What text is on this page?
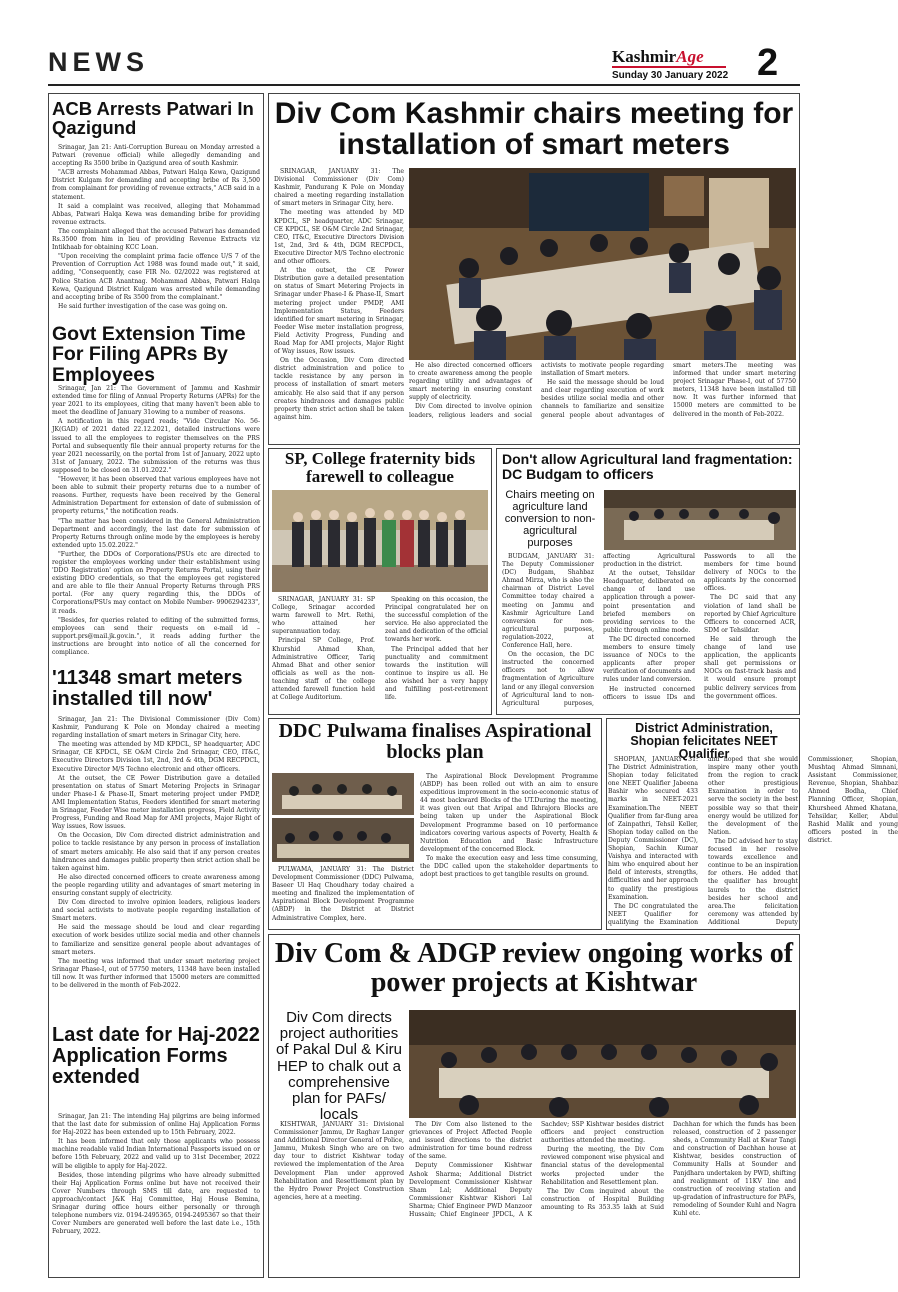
NEWS	KashmirAge
Sunday 30 January 2022 2
ACB Arrests Patwari In Qazigund

Srinagar, Jan 21: Anti-Corruption Bureau on Monday arrested a Patwari (revenue official) while allegedly demanding and accepting Rs 3500 bribe in Qazigund area of south Kashmir.

"ACB arrests Mohammad Abbas, Patwari Halqa Kewa, Qazigund District Kulgam for demanding and accepting bribe of Rs 3,500 from complainant for providing of revenue extracts," ACB said in a statement.

It said a complaint was received, alleging that Mohammad Abbas, Patwari Halqa Kewa was demanding bribe for providing revenue extracts.

The complainant alleged that the accused Patwari has demanded Rs.3500 from him in lieu of providing Revenue Extracts viz Intikhaab for obtaining KCC Loan.

"Upon receiving the complaint prima facie offence U/S 7 of the Prevention of Corruption Act 1988 was found made out," it said, adding, "Consequently, case FIR No. 02/2022 was registered at Police Station ACB Anantnag. Mohammad Abbas, Patwari Halqa Kewa, Qazigund District Kulgam was arrested while demanding and accepting bribe of Rs 3500 from the complainant."

He said further investigation of the case was going on.

Govt Extension Time For Filing APRs By Employees

Srinagar, Jan 21: The Government of Jammu and Kashmir extended time for filing of Annual Property Returns (APRs) for the year 2021 to its employees, citing that many haven't been able to meet the deadline of January 31owing to a number of reasons.

A notification in this regard reads; "Vide Circular No. 56-JK(GAD) of 2021 dated 22.12.2021, detailed instructions were issued to all the employees to register themselves on the PRS Portal and subsequently file their annual property returns for the year 2021 necessarily, on the portal from 1st of January, 2022 upto 31st of January, 2022. The submission of the returns was thus supposed to be closed on 31.01.2022."

"However, it has been observed that various employees have not been able to submit their property returns due to a number of reasons. Further, requests have been received by the General Administration Department for extension of date of submission of property returns," the notification reads.

"The matter has been considered in the General Administration Department and accordingly, the last date for submission of Property Returns through online mode by the employees is hereby extended upto 15.02.2022."

"Further, the DDOs of Corporations/PSUs etc are directed to register the employees working under their establishment using 'DDO Registration' option on Property Returns Portal, using their existing DDO credentials, so that the employees get registered and are able to file their Annual Property Returns through PRS portal. (For any query regarding this, the DDOs of Corporations/PSUs may contact on Mobile Number- 9906294233", it reads.

"Besides, for queries related to editing of the submitted forms, employees can send their requests on e-mail id – support.prs@mail.jk.gov.in.", it reads adding further the instructions are brought into notice of all the concerned for compliance.

'11348 smart meters installed till now'

Srinagar, Jan 21: The Divisional Commissioner (Div Com) Kashmir, Pandurang K Pole on Monday chaired a meeting regarding installation of smart meters in Srinagar City, here.

The meeting was attended by MD KPDCL, SP headquarter, ADC Srinagar, CE KPDCL, SE O&M Circle 2nd Srinagar, CEO, IT&C, Executive Directors Division 1st, 2nd, 3rd & 4th, DGM RECPDCL, Executive Director M/S Techno electronic and other officers.

At the outset, the CE Power Distribution gave a detailed presentation on status of Smart Metering Projects in Srinagar under Phase-I & Phase-II, Smart metering project under PMDP, AMI Implementation Status, Feeders identified for smart metering in Srinagar, Feeder Wise meter installation progress, Field Activity Progress, Funding and Road Map for AMI projects, Major Right of Way issues, Row issues.

On the Occasion, Div Com directed district administration and police to tackle resistance by any person in process of installation of smart meters amicably. He also said that if any person creates hindrances and damages public property then strict action shall be taken against him.

He also directed concerned officers to create awareness among the people regarding utility and advantages of smart metering in ensuring constant supply of electricity.

Div Com directed to involve opinion leaders, religious leaders and social activists to motivate people regarding installation of Smart meters.

He said the message should be loud and clear regarding execution of work besides utilize social media and other channels to familiarize and sensitize general people about advantages of smart meters.

The meeting was informed that under smart metering project Srinagar Phase-I, out of 57750 meters, 11348 have been installed till now. It was further informed that 15000 meters are committed to be delivered in the month of Feb-2022.

Last date for Haj-2022 Application Forms extended

Srinagar, Jan 21: The intending Haj pilgrims are being informed that the last date for submission of online Haj Application Forms for Haj-2022 has been extended up to 15th February, 2022.

It has been informed that only those applicants who possess machine readable valid Indian International Passports issued on or before 15th February, 2022 and valid up to 31st December, 2022 will be eligible to apply for Haj-2022.

Besides, those intending pilgrims who have already submitted their Haj Application Forms online but have not received their Cover Numbers through SMS till date, are requested to approach/contact J&K Haj Committee, Haj House Bemina, Srinagar during office hours either personally or through telephone numbers viz. 0194-2495365, 0194-2495367 so that their Cover Numbers are generated well before the last date i.e., 15th February, 2022.

Div Com Kashmir chairs meeting for installation of smart meters

SRINAGAR, JANUARY 31: The Divisional Commissioner (Div Com) Kashmir, Pandurang K Pole on Monday chaired a meeting regarding installation of smart meters in Srinagar City, here.

The meeting was attended by MD KPDCL, SP headquarter, ADC Srinagar, CE KPDCL, SE O&M Circle 2nd Srinagar, CEO, IT&C, Executive Directors Division 1st, 2nd, 3rd & 4th, DGM RECPDCL, Executive Director M/S Techno electronic and other officers.

At the outset, the CE Power Distribution gave a detailed presentation on status of Smart Metering Projects in Srinagar under Phase-I & Phase-II, Smart metering project under PMDP, AMI Implementation Status, Feeders identified for smart metering in Srinagar, Feeder Wise meter installation progress, Field Activity Progress, Funding and Road Map for AMI projects, Major Right of Way issues, Row issues.

On the Occasion, Div Com directed district administration and police to tackle resistance by any person in process of installation of smart meters amicably. He also said that if any person creates hindrances and damages public property then strict action shall be taken against him.

He also directed concerned officers to create awareness among the people regarding utility and advantages of smart metering in ensuring constant supply of electricity.

Div Com directed to involve opinion leaders, religious leaders and social activists to motivate people regarding installation of Smart meters.

He said the message should be loud and clear regarding execution of work besides utilize social media and other channels to familiarize and sensitize general people about advantages of smart meters.The meeting was informed that under smart metering project Srinagar Phase-I, out of 57750 meters, 11348 have been installed till now. It was further informed that 15000 meters are committed to be delivered in the month of Feb-2022.

SP, College fraternity bids farewell to colleague

SRINAGAR, JANUARY 31: SP College, Srinagar accorded warm farewell to Mrt. Rethi, who attained her superannuation today.

Principal SP College, Prof. Khurshid Ahmad Khan, Administrative Officer, Tariq Ahmad Bhat and other senior officials as well as the non-teaching staff of the college attended farewell function held at College Auditorium.

Speaking on this occasion, the Principal congratulated her on the successful completion of the service. He also appreciated the zeal and dedication of the official towards her work.

The Principal added that her punctuality and commitment towards the institution will continue to inspire us all. He also wished her a very happy and fulfilling post-retirement life.

Don't allow Agricultural land fragmentation: DC Budgam to officers
Chairs meeting on agriculture land conversion to non-agricultural purposes

BUDGAM, JANUARY 31: The Deputy Commissioner (DC) Budgam, Shahbaz Ahmad Mirza, who is also the chairman of District Level Committee today chaired a meeting on Jammu and Kashmir Agriculture Land conversion for non-agricultural purposes, regulation-2022, at Conference Hall, here.

On the occasion, the DC instructed the concerned officers not to allow fragmentation of Agriculture land or any illegal conversion of Agricultural land to non- Agricultural purposes, affecting Agricultural production in the district.

At the outset, Tehsildar Headquarter, deliberated on change of land use application through a power-point presentation and briefed members on providing services to the public through online mode.

The DC directed concerned members to ensure timely issuance of NOCs to the applicants after proper verification of documents and rules under land conversion.

He instructed concerned officers to issue IDs and Passwords to all the members for time bound delivery of NOCs to the applicants by the concerned offices.

The DC said that any violation of land shall be reported by Chief Agriculture Officers to concerned ACR, SDM or Tehsildar.

He said through the change of land use application, the applicants shall get permissions or NOCs on fast-track basis and it would ensure prompt public delivery services from the government offices.

DDC Pulwama finalises Aspirational blocks plan

PULWAMA, JANUARY 31: The District Development Commissioner (DDC) Pulwama, Baseer Ul Haq Choudhary today chaired a meeting and finalized the implementation of Aspirational Block Development Programme (ABDP) in the District at District Administrative Complex, here.

The Aspirational Block Development Programme (ABDP) has been rolled out with an aim to ensure expeditious improvement in the socio-economic status of 44 most backward Blocks of the UT.During the meeting, it was given out that Aripal and Ikhrajora Blocks are being taken up under the Aspirational Block Development Programme based on 10 performance indicators covering various aspects of Poverty, Health & Nutrition Education and Basic Infrastructure development of the concerned Block.

To make the execution easy and less time consuming, the DDC called upon the stakeholder departments to adopt best practices to get tangible results on ground.

District Administration, Shopian felicitates NEET Qualifier

SHOPIAN, JANUARY 31: The District Administration, Shopian today felicitated one NEET Qualifier Jabeena Bashir who secured 433 marks in NEET-2021 Examination.The NEET Qualifier from far-flung area of Zainpathri, Tehsil Keller, Shopian today called on the Deputy Commissioner (DC), Shopian, Sachin Kumar Vaishya and interacted with him who enquired about her field of interests, strengths, difficulties and her approach to qualify the prestigious Examination.

The DC congratulated the NEET Qualifier for qualifying the Examination and hoped that she would inspire many other youth from the region to crack other prestigious Examination in order to serve the society in the best possible way so that their energy would be utilized for the development of the Nation.

The DC advised her to stay focused in her resolve towards excellence and continue to be an inspiration for others. He added that the qualifier has brought laurels to the district besides her school and area.The felicitation ceremony was attended by Additional Deputy Commissioner, Shopian, Mushtaq Ahmad Simnani, Assistant Commissioner, Revenue, Shopian, Shahbaz Ahmed Bodha, Chief Planning Officer, Shopian, Khursheed Ahmed Khatana, Tehsildar, Keller, Abdul Rashid Malik and young officers posted in the district.

Div Com & ADGP review ongoing works of power projects at Kishtwar
Div Com directs project authorities of Pakal Dul & Kiru HEP to chalk out a comprehensive plan for PAFs/ locals

The Div Com also listened to the grievances of Project Affected People and issued directions to the district administration for time bound redress of the same.

Deputy Commissioner Kishtwar Ashok Sharma; Additional District Development Commissioner Kishtwar Sham Lal; Additional Deputy Commissioner Kishtwar Kishori Lal Sharma; Chief Engineer PWD Manzoor Hussain; Chief Engineer JPDCL, A K Sachdev; SSP Kishtwar besides district officers and project construction authorities attended the meeting.

During the meeting, the Div Com reviewed component wise physical and financial status of the developmental works projected under the Rehabilitation and Resettlement plan.

The Div Com inquired about the construction of Hospital Building amounting to Rs 353.35 lakh at Suid Dachhan for which the funds has been released, construction of 2 passenger sheds, a Community Hall at Kwar Tangi and construction of Dachhan house at Kishtwar, besides construction of Community Halls at Sounder and Panjdhara undertaken by PWD, shifting and realignment of 11KV line and construction of receiving station and up-gradation of infrastructure for PAFs, remodeling of Sounder Kuhl and Nagra Kuhl etc.

KISHTWAR, JANUARY 31: Divisional Commissioner Jammu, Dr Raghav Langer and Additional Director General of Police, Jammu, Mukesh Singh who are on two day tour to district Kishtwar today reviewed the implementation of the Area Development Plan under approved Rehabilitation and Resettlement plan by the Hydro Power Project Construction agencies, here at a meeting.
